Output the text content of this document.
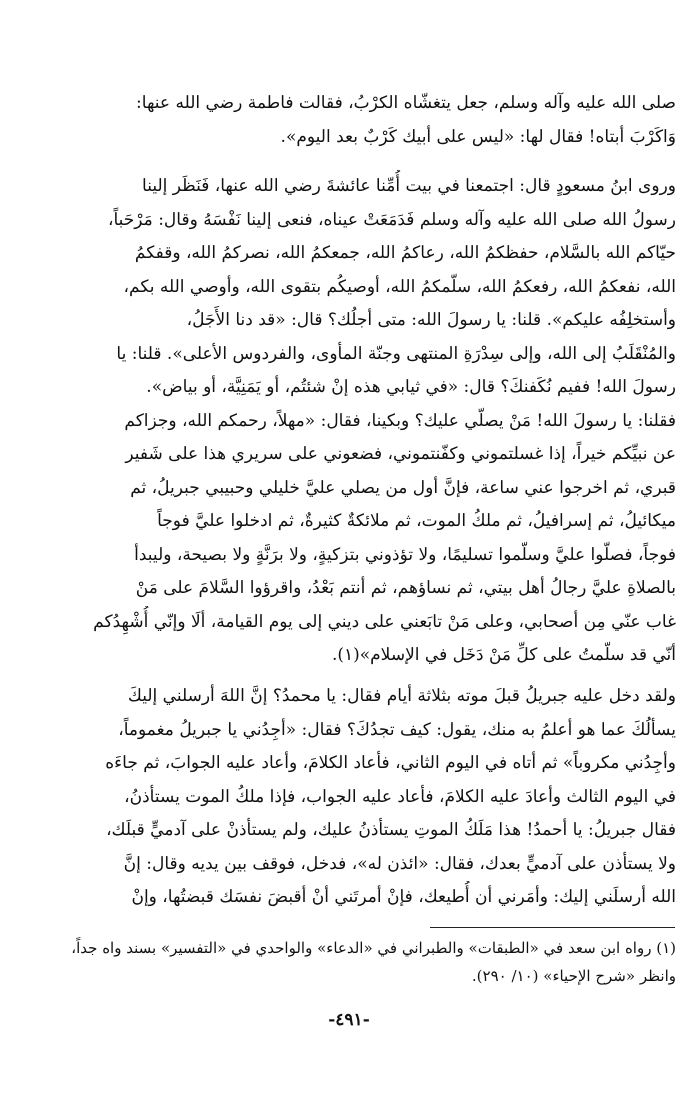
صلى الله عليه وآله وسلم، جعل يتغشّاه الكرْبُ، فقالت فاطمة رضي الله عنها:
وَاكَرْبَ أبتاه! فقال لها: «ليس على أبيك كَرْبٌ بعد اليوم».
وروى ابنُ مسعودٍ قال: اجتمعنا في بيت أُمِّنا عائشةَ رضي الله عنها، فَنَظَر إلينا
رسولُ الله صلى الله عليه وآله وسلم فَدَمَعَتْ عيناه، فنعى إلينا نَفْسَهُ وقال: مَرْحَباً،
حيّاكم الله بالسَّلام، حفظكمُ الله، رعاكمُ الله، جمعكمُ الله، نصركمُ الله، وقفكمُ
الله، نفعكمُ الله، رفعكمُ الله، سلّمكمُ الله، أوصيكُم بتقوى الله، وأوصي الله بكم،
وأستخلِفُه عليكم». قلنا: يا رسولَ الله: متى أجلُك؟ قال: «قد دنا الأَجَلُ،
والمُنْقَلَبُ إلى الله، وإلى سِدْرَةِ المنتهى وجنّة المأوى، والفردوس الأعلى». قلنا: يا
رسولَ الله! ففيم نُكَفنكَ؟ قال: «في ثيابي هذه إنْ شئتُم، أو يَمَنِيَّة، أو بياض».
فقلنا: يا رسولَ الله! مَنْ يصلّي عليك؟ وبكينا، فقال: «مهلاً، رحمكم الله، وجزاكم
عن نبيِّكم خيراً، إذا غسلتموني وكفّنتموني، فضعوني على سريري هذا على شَفير
قبري، ثم اخرجوا عني ساعة، فإنَّ أول من يصلي عليَّ خليلي وحبيبي جبريلُ، ثم
ميكائيلُ، ثم إسرافيلُ، ثم ملكُ الموت، ثم ملائكةٌ كثيرةٌ، ثم ادخلوا عليَّ فوجاً
فوجاً، فصلّوا عليَّ وسلّموا تسليمًا، ولا تؤذوني بتزكيةٍ، ولا برَنَّةٍ ولا بصيحة، وليبدأ
بالصلاةِ عليَّ رجالُ أهل بيتي، ثم نساؤهم، ثم أنتم بَعْدُ، واقرؤوا السَّلامَ على مَنْ
غاب عنّي مِن أصحابي، وعلى مَنْ تابَعني على ديني إلى يوم القيامة، ألَا وإنّي أُشْهِدُكم
أنّي قد سلّمتُ على كلِّ مَنْ دَخَل في الإسلام»(١).
ولقد دخل عليه جبريلُ قبلَ موته بثلاثة أيام فقال: يا محمدُ؟ إنَّ اللهَ أرسلني إليكَ
يسألُكَ عما هو أعلمُ به منك، يقول: كيف تجدُكَ؟ فقال: «أجِدُني يا جبريلُ مغموماً،
وأجِدُني مكروباً» ثم أتاه في اليوم الثاني، فأعاد الكلامَ، وأعاد عليه الجوابَ، ثم جاءَه
في اليوم الثالث وأعادَ عليه الكلامَ، فأعاد عليه الجواب، فإذا ملكُ الموت يستأذنُ،
فقال جبريلُ: يا أحمدُ! هذا مَلَكُ الموتِ يستأذنُ عليك، ولم يستأذنْ على آدميٍّ قبلَك،
ولا يستأذن على آدميٍّ بعدك، فقال: «ائذن له»، فدخل، فوقف بين يديه وقال: إنَّ
الله أرسلَني إليك: وأمَرني أن أُطيعك، فإنْ أمرتَني أنْ أقبضَ نفسَك قبضتُها، وإنْ
(١) رواه ابن سعد في «الطبقات» والطبراني في «الدعاء» والواحدي في «التفسير» بسند واه جداً،
وانظر «شرح الإحياء» (١٠/ ٢٩٠).
-٤٩١-
